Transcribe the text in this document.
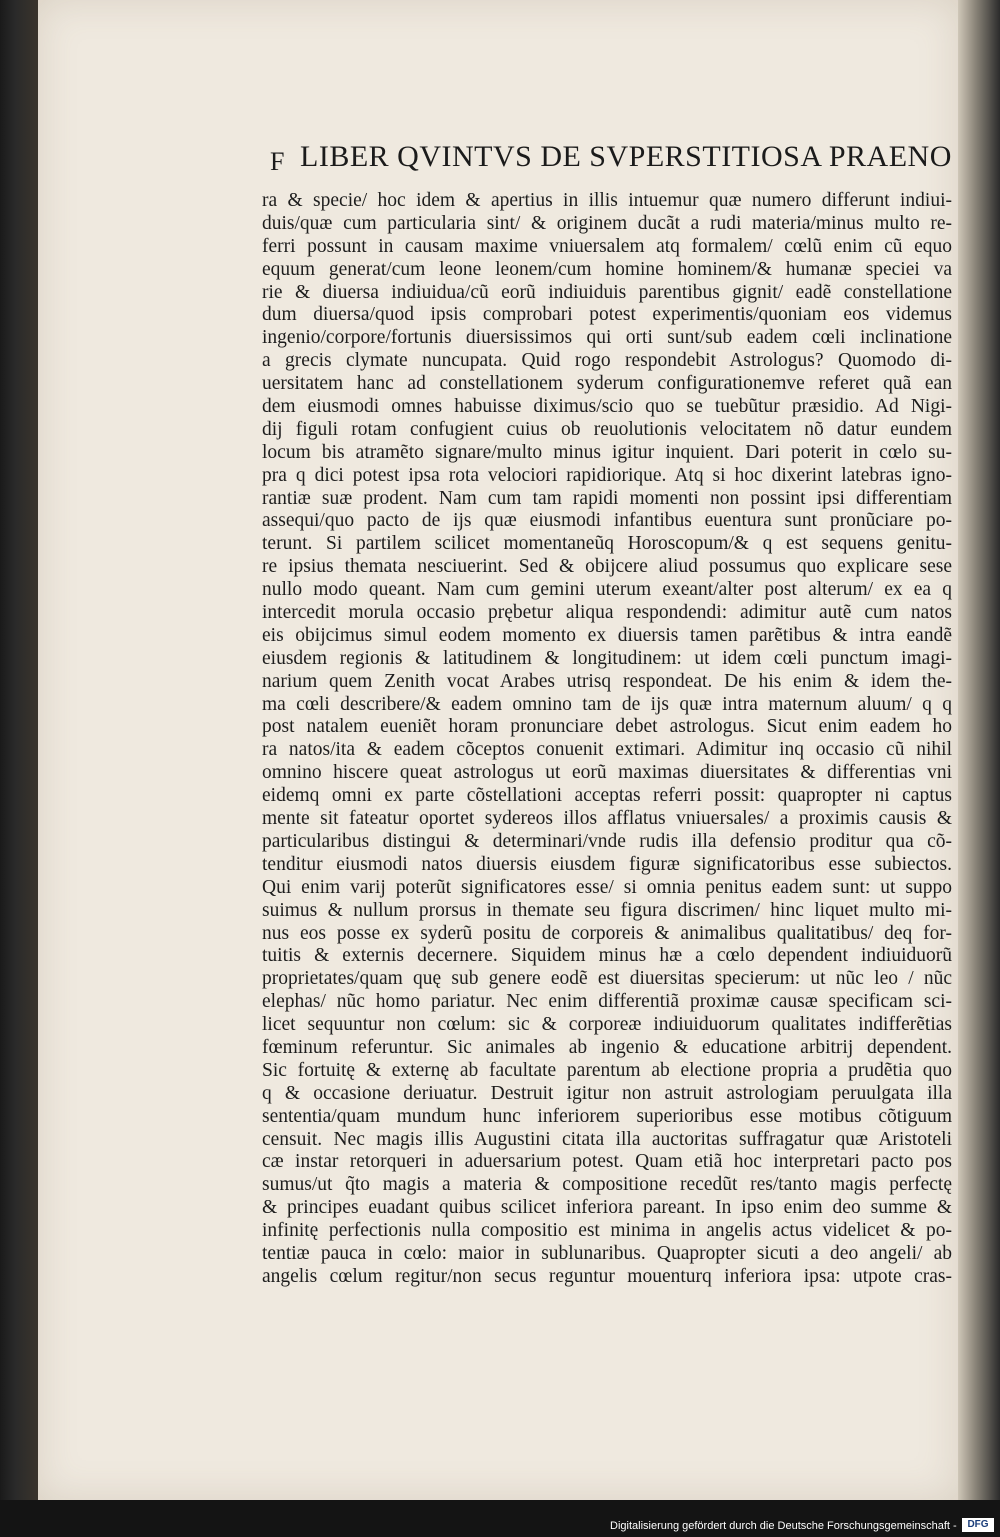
F LIBER QVINTVS DE SVPERSTITIOSA PRAENO
ra & specie/ hoc idem & apertius in illis intuemur quæ numero differunt indiui-
duis/quæ cum particularia sint/ & originem ducãt a rudi materia/minus multo re-
ferri possunt in causam maxime vniuersalem atq formalem/ cœlũ enim cũ equo
equum generat/cum leone leonem/cum homine hominem/& humanæ speciei va
rie & diuersa indiuidua/cũ eorũ indiuiduis parentibus gignit/ eadẽ constellatione
dum diuersa/quod ipsis comprobari potest experimentis/quoniam eos videmus
ingenio/corpore/fortunis diuersissimos qui orti sunt/sub eadem cœli inclinatione
a grecis clymate nuncupata. Quid rogo respondebit Astrologus? Quomodo di-
uersitatem hanc ad constellationem syderum configurationemve referet quã ean
dem eiusmodi omnes habuisse diximus/scio quo se tuebũtur præsidio. Ad Nigi-
dij figuli rotam confugient cuius ob reuolutionis velocitatem nõ datur eundem
locum bis atramẽto signare/multo minus igitur inquient. Dari poterit in cœlo su-
pra q dici potest ipsa rota velociori rapidiorique. Atq si hoc dixerint latebras igno-
rantiæ suæ prodent. Nam cum tam rapidi momenti non possint ipsi differentiam
assequi/quo pacto de ijs quæ eiusmodi infantibus euentura sunt pronũciare po-
terunt. Si partilem scilicet momentaneũq Horoscopum/& q est sequens genitu-
re ipsius themata nesciuerint. Sed & obijcere aliud possumus quo explicare sese
nullo modo queant. Nam cum gemini uterum exeant/alter post alterum/ ex ea q
intercedit morula occasio prębetur aliqua respondendi: adimitur autẽ cum natos
eis obijcimus simul eodem momento ex diuersis tamen parẽtibus & intra eandẽ
eiusdem regionis & latitudinem & longitudinem: ut idem cœli punctum imagi-
narium quem Zenith vocat Arabes utrisq respondeat. De his enim & idem the-
ma cœli describere/& eadem omnino tam de ijs quæ intra maternum aluum/ q q
post natalem eueniẽt horam pronunciare debet astrologus. Sicut enim eadem ho
ra natos/ita & eadem cõceptos conuenit extimari. Adimitur inq occasio cũ nihil
omnino hiscere queat astrologus ut eorũ maximas diuersitates & differentias vni
eidemq omni ex parte cõstellationi acceptas referri possit: quapropter ni captus
mente sit fateatur oportet sydereos illos afflatus vniuersales/ a proximis causis &
particularibus distingui & determinari/vnde rudis illa defensio proditur qua cõ-
tenditur eiusmodi natos diuersis eiusdem figuræ significatoribus esse subiectos.
Qui enim varij poterũt significatores esse/ si omnia penitus eadem sunt: ut suppo
suimus & nullum prorsus in themate seu figura discrimen/ hinc liquet multo mi-
nus eos posse ex syderũ positu de corporeis & animalibus qualitatibus/ deq for-
tuitis & externis decernere. Siquidem minus hæ a cœlo dependent indiuiduorũ
proprietates/quam quę sub genere eodẽ est diuersitas specierum: ut nũc leo / nũc
elephas/ nũc homo pariatur. Nec enim differentiã proximæ causæ specificam sci-
licet sequuntur non cœlum: sic & corporeæ indiuiduorum qualitates indifferẽtias
fœminum referuntur. Sic animales ab ingenio & educatione arbitrij dependent.
Sic fortuitę & externę ab facultate parentum ab electione propria a prudẽtia quo
q & occasione deriuatur. Destruit igitur non astruit astrologiam peruulgata illa
sententia/quam mundum hunc inferiorem superioribus esse motibus cõtiguum
censuit. Nec magis illis Augustini citata illa auctoritas suffragatur quæ Aristoteli
cæ instar retorqueri in aduersarium potest. Quam etiã hoc interpretari pacto pos
sumus/ut q̃to magis a materia & compositione recedũt res/tanto magis perfectę
& principes euadant quibus scilicet inferiora pareant. In ipso enim deo summe &
infinitę perfectionis nulla compositio est minima in angelis actus videlicet & po-
tentiæ pauca in cœlo: maior in sublunaribus. Quapropter sicuti a deo angeli/ ab
angelis cœlum regitur/non secus reguntur mouenturq inferiora ipsa: utpote cras-
Digitalisierung gefördert durch die Deutsche Forschungsgemeinschaft -	DFG
